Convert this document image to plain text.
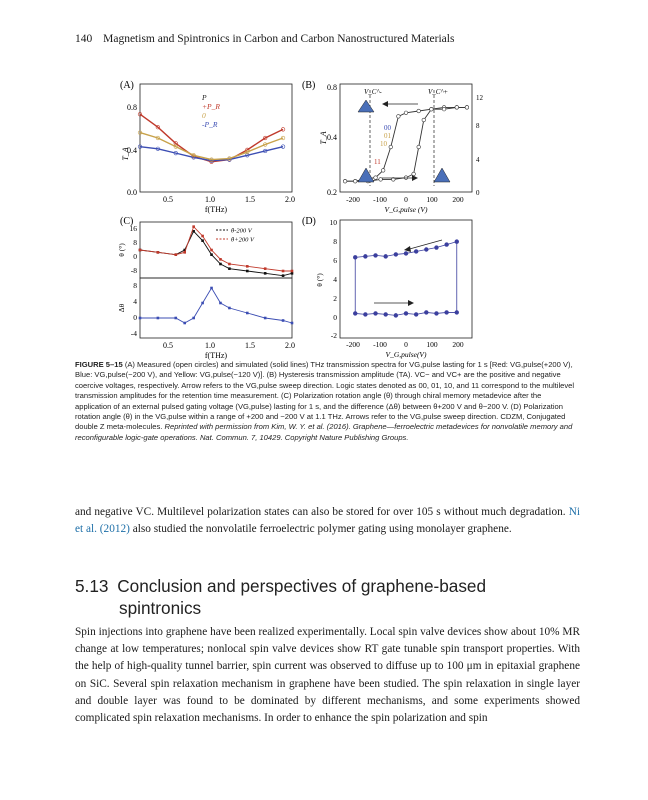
140 Magnetism and Spintronics in Carbon and Carbon Nanostructured Materials
(A)
P
+P_R
0
-P_R
0.5	1.0	1.5	2.0
0.0
0.4
0.8
T_A
f(THz)
(B)
V_C^-	V_C^+
00
01
10
11
0.2
0.4
0.8
0
4
8
12
T_A
-200 -100 0 100 200
V_G,pulse (V)
(C)
θ-200 V
θ+200 V
16
8
0
-8
8
4
0
-4
θ (°)
Δθ
0.5	1.0	1.5	2.0
f(THz)
(D) 10
8
6
4
2
0
-2
θ (°)
-200 -100 0 100 200
V_G,pulse(V)
FIGURE 5–15 (A) Measured (open circles) and simulated (solid lines) THz transmission spectra for VG,pulse lasting for 1 s [Red: VG,pulse(+200 V), Blue: VG,pulse(−200 V), and Yellow: VG,pulse(−120 V)]. (B) Hysteresis transmission amplitude (TA). VC− and VC+ are the positive and negative coercive voltages, respectively. Arrow refers to the VG,pulse sweep direction. Logic states denoted as 00, 01, 10, and 11 correspond to the multilevel transmission amplitudes for the retention time measurement. (C) Polarization rotation angle (θ) through chiral memory metadevice after the application of an external pulsed gating voltage (VG,pulse) lasting for 1 s, and the difference (Δθ) between θ+200 V and θ−200 V. (D) Polarization rotation angle (θ) in the VG,pulse within a range of +200 and −200 V at 1.1 THz. Arrows refer to the VG,pulse sweep direction. CDZM, Conjugated double Z meta-molecules. Reprinted with permission from Kim, W. Y. et al. (2016). Graphene—ferroelectric metadevices for nonvolatile memory and reconfigurable logic-gate operations. Nat. Commun. 7, 10429. Copyright Nature Publishing Groups.

and negative VC. Multilevel polarization states can also be stored for over 105 s without much degradation. Ni et al. (2012) also studied the nonvolatile ferroelectric polymer gating using monolayer graphene.

5.13 Conclusion and perspectives of graphene-based
spintronics

Spin injections into graphene have been realized experimentally. Local spin valve devices show about 10% MR change at low temperatures; nonlocal spin valve devices show RT gate tunable spin transport properties. With the help of high-quality tunnel barrier, spin current was observed to diffuse up to 100 μm in epitaxial graphene on SiC. Several spin relaxation mechanism in graphene have been studied. The spin relaxation in single layer and double layer was found to be dominated by different mechanisms, and some experiments showed complicated spin relaxation mechanisms. In order to enhance the spin polarization and spin
